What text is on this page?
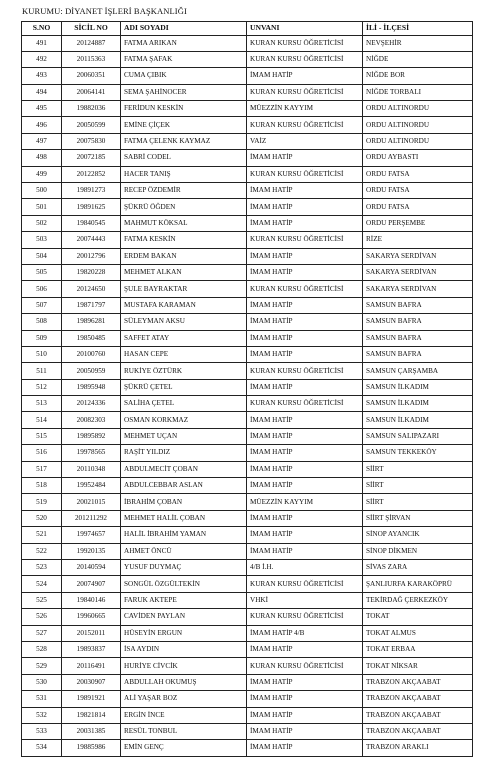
KURUMU: DİYANET İŞLERİ BAŞKANLIĞI
S.NO	SİCİL NO	ADI SOYADI	UNVANI	İLİ - İLÇESİ
491	20124887	FATMA ARIKAN	KURAN KURSU ÖĞRETİCİSİ	NEVŞEHİR
492	20115363	FATMA ŞAFAK	KURAN KURSU ÖĞRETİCİSİ	NİĞDE
493	20060351	CUMA ÇIBIK	İMAM HATİP	NİĞDE BOR
494	20064141	SEMA ŞAHİNOCER	KURAN KURSU ÖĞRETİCİSİ	NİĞDE TORBALI
495	19882036	FERİDUN KESKİN	MÜEZZİN KAYYIM	ORDU ALTINORDU
496	20050599	EMİNE ÇİÇEK	KURAN KURSU ÖĞRETİCİSİ	ORDU ALTINORDU
497	20075830	FATMA ÇELENK KAYMAZ	VAİZ	ORDU ALTINORDU
498	20072185	SABRİ CODEL	İMAM HATİP	ORDU AYBASTI
499	20122852	HACER TANIŞ	KURAN KURSU ÖĞRETİCİSİ	ORDU FATSA
500	19891273	RECEP ÖZDEMİR	İMAM HATİP	ORDU FATSA
501	19891625	ŞÜKRÜ ÖĞDEN	İMAM HATİP	ORDU FATSA
502	19840545	MAHMUT KÖKSAL	İMAM HATİP	ORDU PERŞEMBE
503	20074443	FATMA KESKİN	KURAN KURSU ÖĞRETİCİSİ	RİZE
504	20012796	ERDEM BAKAN	İMAM HATİP	SAKARYA SERDİVAN
505	19820228	MEHMET ALKAN	İMAM HATİP	SAKARYA SERDİVAN
506	20124650	ŞULE BAYRAKTAR	KURAN KURSU ÖĞRETİCİSİ	SAKARYA SERDİVAN
507	19871797	MUSTAFA KARAMAN	İMAM HATİP	SAMSUN BAFRA
508	19896281	SÜLEYMAN AKSU	İMAM HATİP	SAMSUN BAFRA
509	19850485	SAFFET ATAY	İMAM HATİP	SAMSUN BAFRA
510	20100760	HASAN CEPE	İMAM HATİP	SAMSUN BAFRA
511	20050959	RUKİYE ÖZTÜRK	KURAN KURSU ÖĞRETİCİSİ	SAMSUN ÇARŞAMBA
512	19895948	ŞÜKRÜ ÇETEL	İMAM HATİP	SAMSUN İLKADIM
513	20124336	SALİHA ÇETEL	KURAN KURSU ÖĞRETİCİSİ	SAMSUN İLKADIM
514	20082303	OSMAN KORKMAZ	İMAM HATİP	SAMSUN İLKADIM
515	19895892	MEHMET UÇAN	İMAM HATİP	SAMSUN SALIPAZARI
516	19978565	RAŞİT YILDIZ	İMAM HATİP	SAMSUN TEKKEKÖY
517	20110348	ABDULMECİT ÇOBAN	İMAM HATİP	SİİRT
518	19952484	ABDULCEBBAR ASLAN	İMAM HATİP	SİİRT
519	20021015	İBRAHİM ÇOBAN	MÜEZZİN KAYYIM	SİİRT
520	201211292	MEHMET HALİL ÇOBAN	İMAM HATİP	SİİRT ŞİRVAN
521	19974657	HALİL İBRAHİM YAMAN	İMAM HATİP	SİNOP AYANCIK
522	19920135	AHMET ÖNCÜ	İMAM HATİP	SİNOP DİKMEN
523	20140594	YUSUF DUYMAÇ	4/B İ.H.	SİVAS ZARA
524	20074907	SONGÜL ÖZGÜLTEKİN	KURAN KURSU ÖĞRETİCİSİ	ŞANLIURFA KARAKÖPRÜ
525	19840146	FARUK AKTEPE	VHKİ	TEKİRDAĞ ÇERKEZKÖY
526	19960665	CAVİDEN PAYLAN	KURAN KURSU ÖĞRETİCİSİ	TOKAT
527	20152011	HÜSEYİN ERGUN	İMAM HATİP 4/B	TOKAT ALMUS
528	19893837	İSA AYDIN	İMAM HATİP	TOKAT ERBAA
529	20116491	HURİYE CİVCİK	KURAN KURSU ÖĞRETİCİSİ	TOKAT NİKSAR
530	20030907	ABDULLAH OKUMUŞ	İMAM HATİP	TRABZON AKÇAABAT
531	19891921	ALİ YAŞAR BOZ	İMAM HATİP	TRABZON AKÇAABAT
532	19821814	ERGİN İNCE	İMAM HATİP	TRABZON AKÇAABAT
533	20031385	RESÜL TONBUL	İMAM HATİP	TRABZON AKÇAABAT
534	19885986	EMİN GENÇ	İMAM HATİP	TRABZON ARAKLI
